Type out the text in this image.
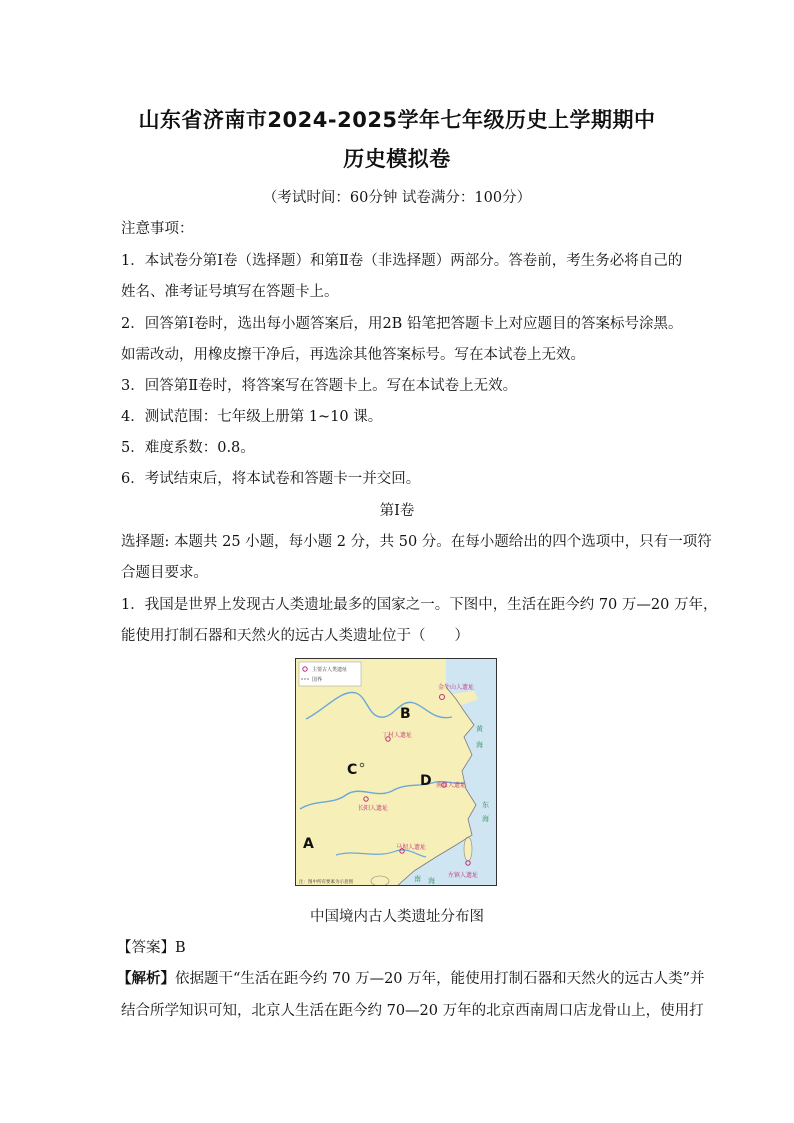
山东省济南市2024-2025学年七年级历史上学期期中
历史模拟卷
（考试时间：60分钟 试卷满分：100分）
注意事项：
1．本试卷分第Ⅰ卷（选择题）和第Ⅱ卷（非选择题）两部分。答卷前，考生务必将自己的
姓名、准考证号填写在答题卡上。
2．回答第Ⅰ卷时，选出每小题答案后，用2B 铅笔把答题卡上对应题目的答案标号涂黑。
如需改动，用橡皮擦干净后，再选涂其他答案标号。写在本试卷上无效。
3．回答第Ⅱ卷时，将答案写在答题卡上。写在本试卷上无效。
4．测试范围：七年级上册第 1~10 课。
5．难度系数：0.8。
6．考试结束后，将本试卷和答题卡一并交回。
第Ⅰ卷
选择题: 本题共 25 小题，每小题 2 分，共 50 分。在每小题给出的四个选项中，只有一项符
合题目要求。
1．我国是世界上发现古人类遗址最多的国家之一。下图中，生活在距今约 70 万—20 万年，
能使用打制石器和天然火的远古人类遗址位于（　　）
主要古人类遗址
国界
金牛山人遗址
丁村人遗址
南京人遗址
长阳人遗址
马坝人遗址
左镇人遗址
B
C
D
A
黄
海
东
海
南 海
注：图中所有要素为示意图
中国境内古人类遗址分布图
【答案】B
【解析】依据题干“生活在距今约 70 万—20 万年，能使用打制石器和天然火的远古人类”并
结合所学知识可知，北京人生活在距今约 70—20 万年的北京西南周口店龙骨山上，使用打
